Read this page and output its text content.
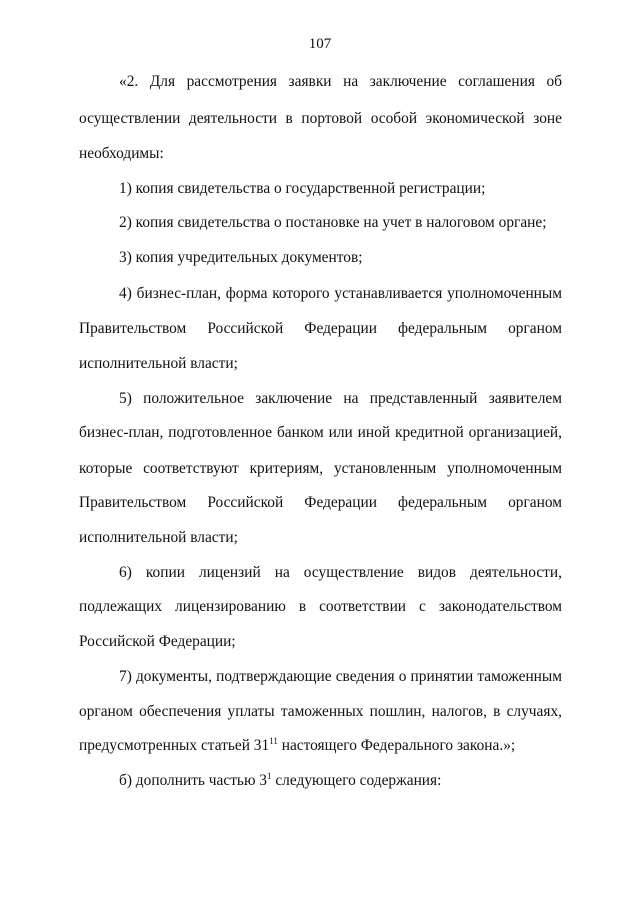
107
«2. Для рассмотрения заявки на заключение соглашения об
осуществлении деятельности в портовой особой экономической зоне
необходимы:
1) копия свидетельства о государственной регистрации;
2) копия свидетельства о постановке на учет в налоговом органе;
3) копия учредительных документов;
4) бизнес-план, форма которого устанавливается уполномоченным
Правительством Российской Федерации федеральным органом
исполнительной власти;
5) положительное заключение на представленный заявителем
бизнес-план, подготовленное банком или иной кредитной организацией,
которые соответствуют критериям, установленным уполномоченным
Правительством Российской Федерации федеральным органом
исполнительной власти;
6) копии лицензий на осуществление видов деятельности,
подлежащих лицензированию в соответствии с законодательством
Российской Федерации;
7) документы, подтверждающие сведения о принятии таможенным
органом обеспечения уплаты таможенных пошлин, налогов, в случаях,
предусмотренных статьей $31^{11}$ настоящего Федерального закона.»;
б) дополнить частью $3^1$ следующего содержания:
